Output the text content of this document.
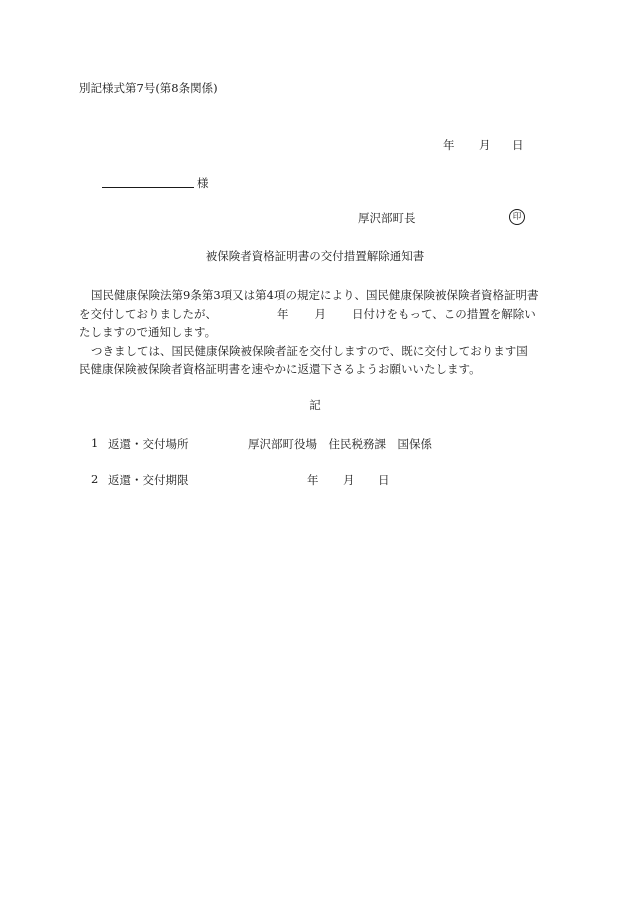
別記様式第7号(第8条関係)
年 月 日
様
厚沢部町長	印
被保険者資格証明書の交付措置解除通知書
国民健康保険法第9条第3項又は第4項の規定により、国民健康保険被保険者資格証明書
を交付しておりましたが、	年 月 日付けをもって、この措置を解除い
たしますので通知します。
つきましては、国民健康保険被保険者証を交付しますので、既に交付しております国
民健康保険被保険者資格証明書を速やかに返還下さるようお願いいたします。
記
1 返還・交付場所	厚沢部町役場　住民税務課　国保係
2 返還・交付期限	年 月 日
